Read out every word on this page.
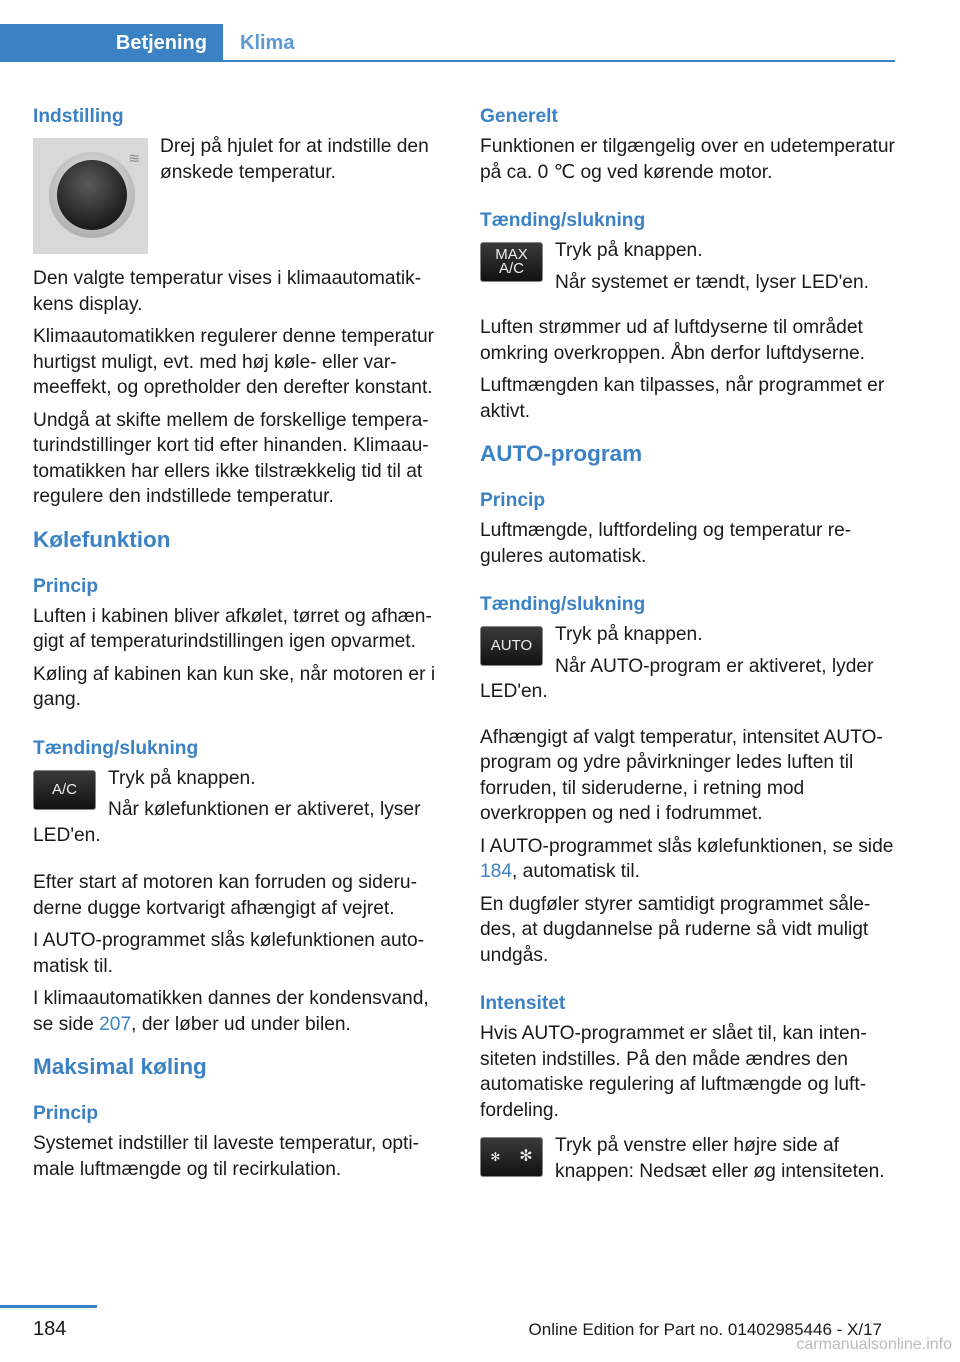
Betjening	Klima
Indstilling
≋

Drej på hjulet for at indstille den ønskede temperatur.

Den valgte temperatur vises i klimaautomatikkens display.

Klimaautomatikken regulerer denne temperatur hurtigst muligt, evt. med høj køle- eller varmeeffekt, og opretholder den derefter konstant.

Undgå at skifte mellem de forskellige temperaturindstillinger kort tid efter hinanden. Klimaautomatikken har ellers ikke tilstrækkelig tid til at regulere den indstillede temperatur.

Kølefunktion
Princip

Luften i kabinen bliver afkølet, tørret og afhængigt af temperaturindstillingen igen opvarmet.

Køling af kabinen kan kun ske, når motoren er i gang.

Tænding/slukning
A/C

Tryk på knappen.

Når kølefunktionen er aktiveret, lyser LED'en.

Efter start af motoren kan forruden og sideruderne dugge kortvarigt afhængigt af vejret.

I AUTO-programmet slås kølefunktionen automatisk til.

I klimaautomatikken dannes der kondensvand, se side 207, der løber ud under bilen.

Maksimal køling
Princip

Systemet indstiller til laveste temperatur, optimale luftmængde og til recirkulation.

Generelt

Funktionen er tilgængelig over en udetemperatur på ca. 0 ℃ og ved kørende motor.

Tænding/slukning
MAX
A/C

Tryk på knappen.

Når systemet er tændt, lyser LED'en.

Luften strømmer ud af luftdyserne til området omkring overkroppen. Åbn derfor luftdyserne.

Luftmængden kan tilpasses, når programmet er aktivt.

AUTO-program
Princip

Luftmængde, luftfordeling og temperatur reguleres automatisk.

Tænding/slukning
AUTO

Tryk på knappen.

Når AUTO-program er aktiveret, lyder LED'en.

Afhængigt af valgt temperatur, intensitet AUTO-program og ydre påvirkninger ledes luften til forruden, til sideruderne, i retning mod overkroppen og ned i fodrummet.

I AUTO-programmet slås kølefunktionen, se side 184, automatisk til.

En dugføler styrer samtidigt programmet således, at dugdannelse på ruderne så vidt muligt undgås.

Intensitet

Hvis AUTO-programmet er slået til, kan intensiteten indstilles. På den måde ændres den automatiske regulering af luftmængde og luftfordeling.

✻ ✻

Tryk på venstre eller højre side af knappen: Nedsæt eller øg intensiteten.

184	Online Edition for Part no. 01402985446 - X/17
carmanualsonline.info
